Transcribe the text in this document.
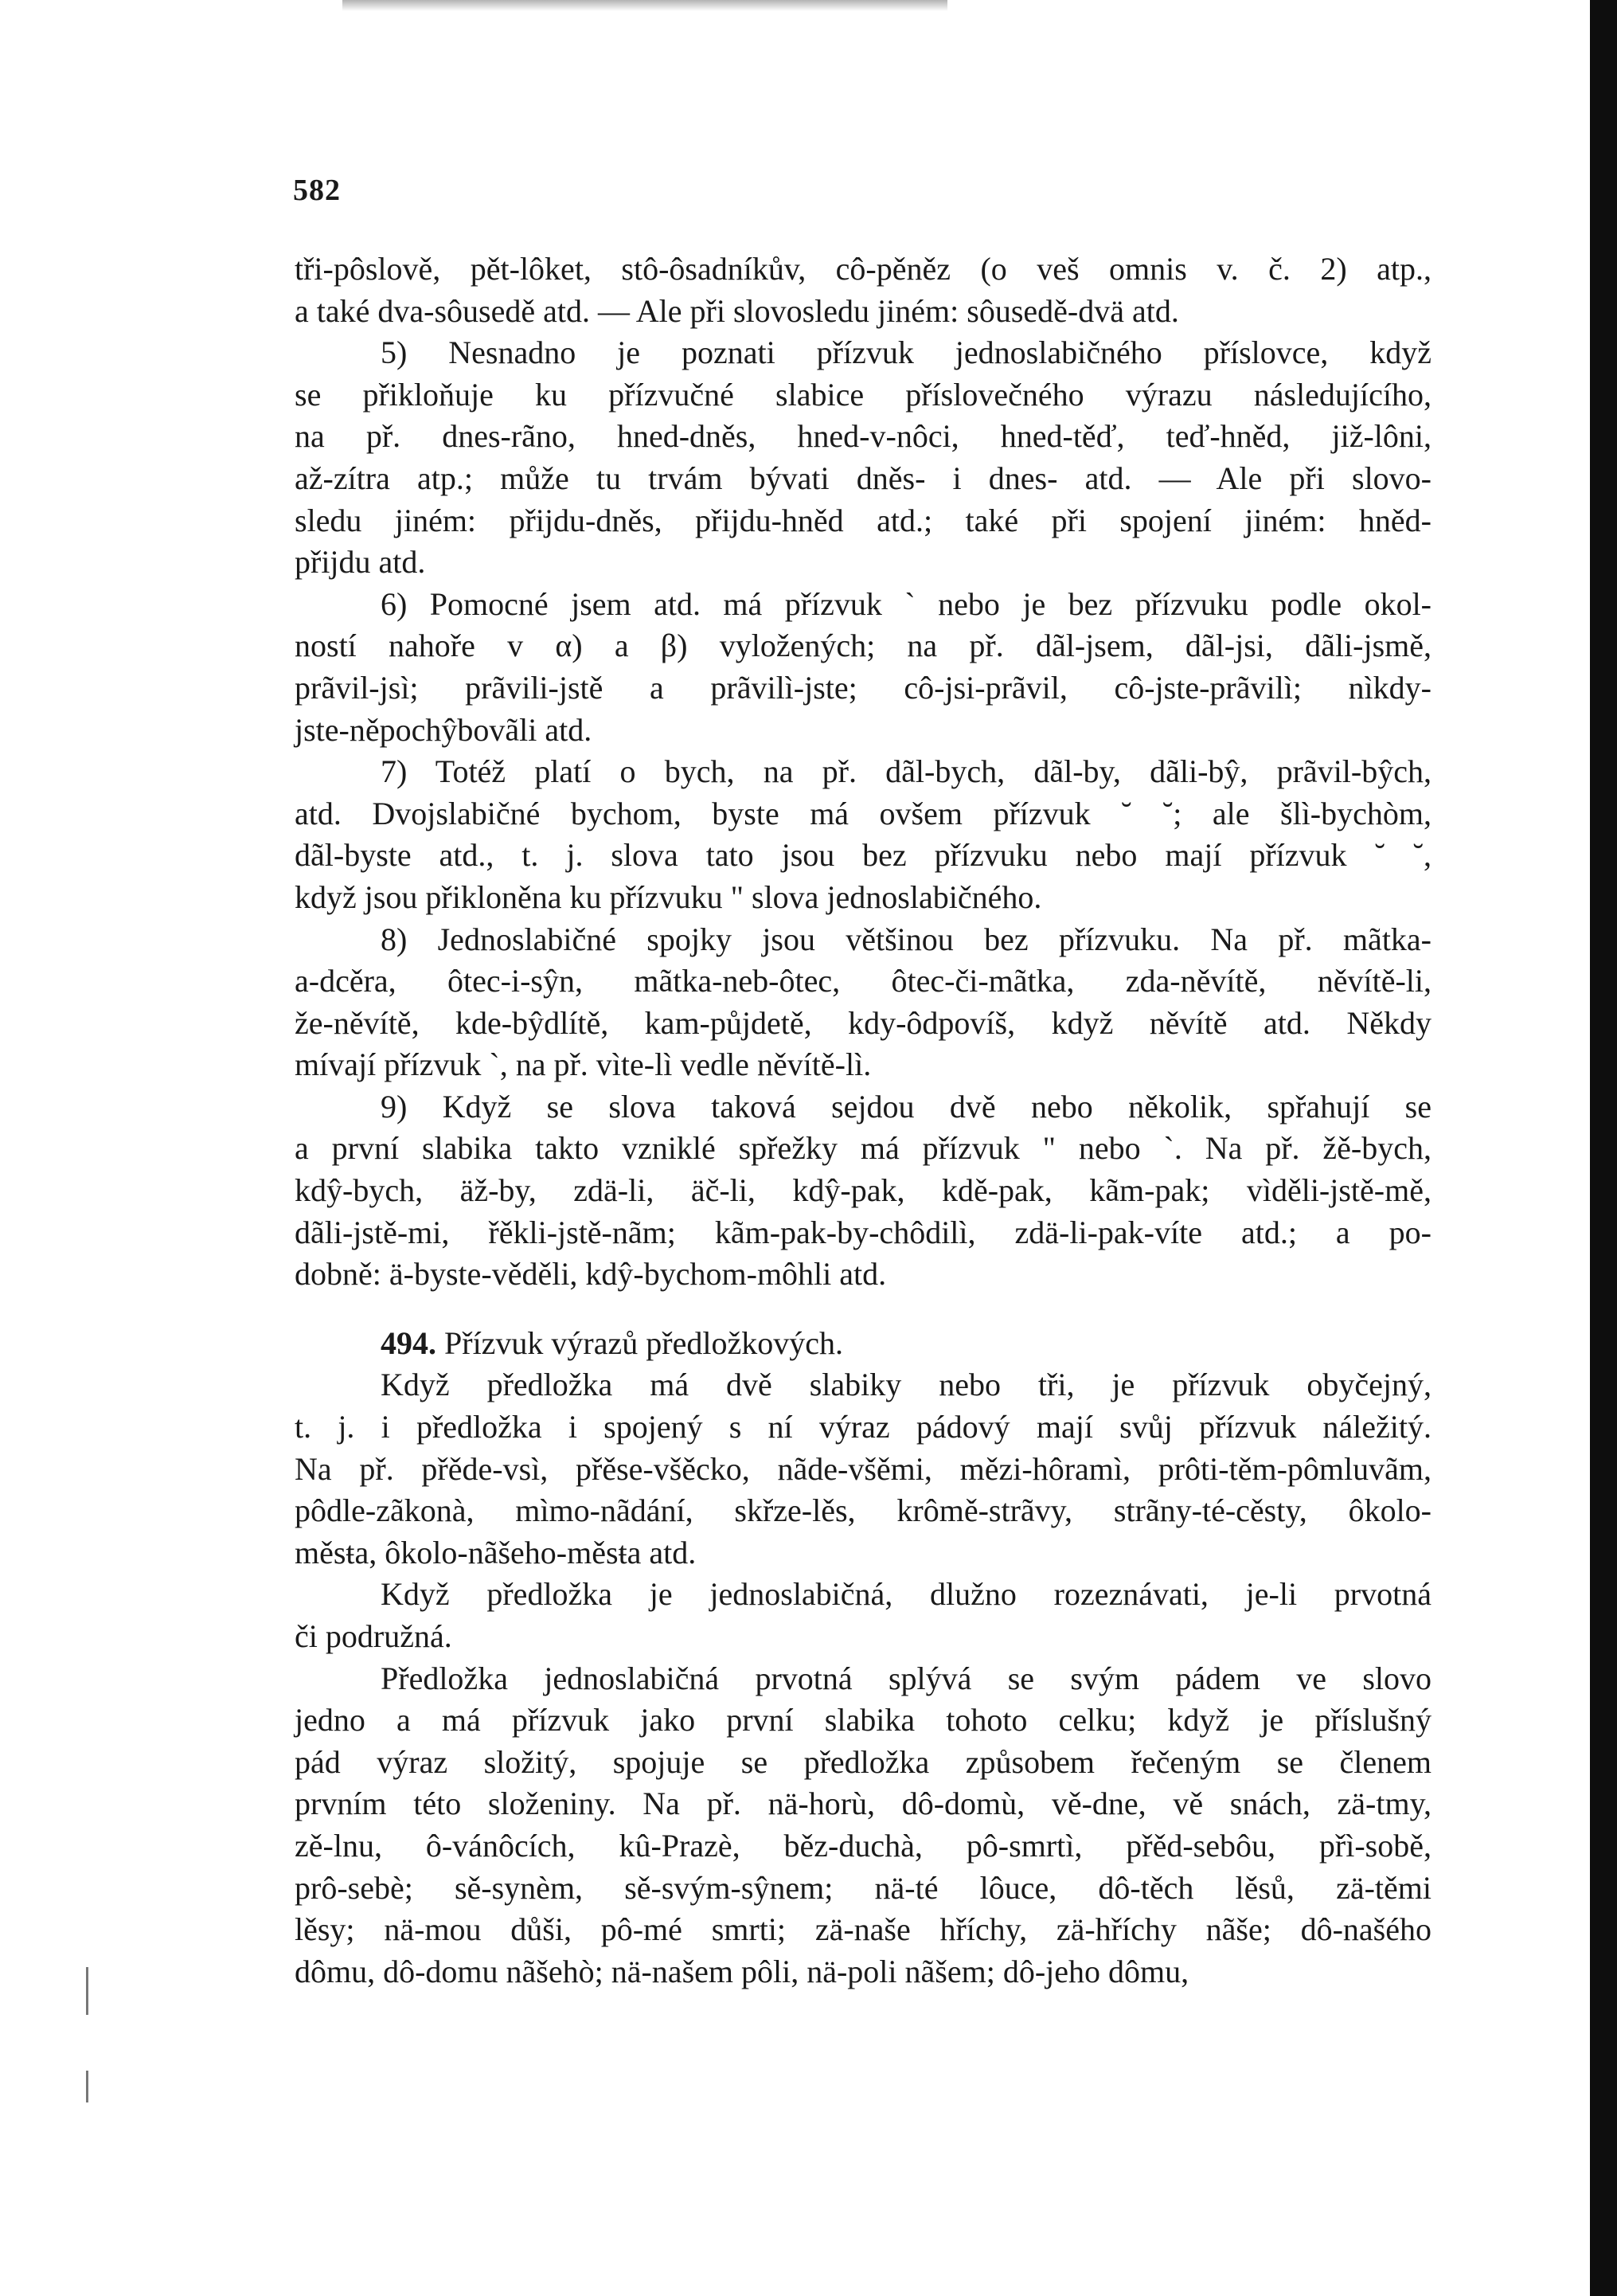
582
tři-pôslově, pět-lôket, stô-ôsadníkův, cô-pěněz (o veš omnis v. č. 2) atp.,
a také dva-sôusedě atd. — Ale při slovosledu jiném: sôusedě-dvä atd.
5) Nesnadno je poznati přízvuk jednoslabičného příslovce, když
se přikloňuje ku přízvučné slabice příslovečného výrazu následujícího,
na př. dnes-rãno, hned-dněs, hned-v-nôci, hned-těď, teď-hněd, již-lôni,
až-zítra atp.; může tu trvám bývati dněs- i dnes- atd. — Ale při slovo-
sledu jiném: přijdu-dněs, přijdu-hněd atd.; také při spojení jiném: hněd-
přijdu atd.
6) Pomocné jsem atd. má přízvuk ` nebo je bez přízvuku podle okol-
ností nahoře v α) a β) vyložených; na př. dãl-jsem, dãl-jsi, dãli-jsmě,
prãvil-jsì; prãvili-jstě a prãvilì-jste; cô-jsi-prãvil, cô-jste-prãvilì; nìkdy-
jste-něpochŷbovãli atd.
7) Totéž platí o bych, na př. dãl-bych, dãl-by, dãli-bŷ, prãvil-bŷch,
atd. Dvojslabičné bychom, byste má ovšem přízvuk ˘ ˘; ale šlì-bychòm,
dãl-byste atd., t. j. slova tato jsou bez přízvuku nebo mají přízvuk ˘ ˘,
když jsou přikloněna ku přízvuku " slova jednoslabičného.
8) Jednoslabičné spojky jsou většinou bez přízvuku. Na př. mãtka-
a-dcěra, ôtec-i-sŷn, mãtka-neb-ôtec, ôtec-či-mãtka, zda-něvítě, něvítě-li,
že-něvítě, kde-bŷdlítě, kam-půjdetě, kdy-ôdpovíš, když něvítě atd. Někdy
mívají přízvuk `, na př. vìte-lì vedle něvítě-lì.
9) Když se slova taková sejdou dvě nebo několik, spřahují se
a první slabika takto vzniklé spřežky má přízvuk " nebo `. Na př. žě-bych,
kdŷ-bych, äž-by, zdä-li, äč-li, kdŷ-pak, kdě-pak, kãm-pak; vìděli-jstě-mě,
dãli-jstě-mi, řěkli-jstě-nãm; kãm-pak-by-chôdilì, zdä-li-pak-víte atd.; a po-
dobně: ä-byste-věděli, kdŷ-bychom-môhli atd.
494. Přízvuk výrazů předložkových.
Když předložka má dvě slabiky nebo tři, je přízvuk obyčejný,
t. j. i předložka i spojený s ní výraz pádový mají svůj přízvuk náležitý.
Na př. přěde-vsì, přěse-všěcko, nãde-všěmi, mězi-hôramì, prôti-těm-pômluvãm,
pôdle-zãkonà, mìmo-nãdání, skřze-lěs, krômě-strãvy, strãny-té-cěsty, ôkolo-
měsŧa, ôkolo-nãšeho-měsŧa atd.
Když předložka je jednoslabičná, dlužno rozeznávati, je-li prvotná
či podružná.
Předložka jednoslabičná prvotná splývá se svým pádem ve slovo
jedno a má přízvuk jako první slabika tohoto celku; když je příslušný
pád výraz složitý, spojuje se předložka způsobem řečeným se členem
prvním této složeniny. Na př. nä-horù, dô-domù, vě-dne, vě snách, zä-tmy,
zě-lnu, ô-vánôcích, kû-Prazè, běz-duchà, pô-smrtì, přěd-sebôu, přì-sobě,
prô-sebè; sě-synèm, sě-svým-sŷnem; nä-té lôuce, dô-těch lěsů, zä-těmi
lěsy; nä-mou důši, pô-mé smrti; zä-naše hříchy, zä-hříchy nãše; dô-našého
dômu, dô-domu nãšehò; nä-našem pôli, nä-poli nãšem; dô-jeho dômu,
